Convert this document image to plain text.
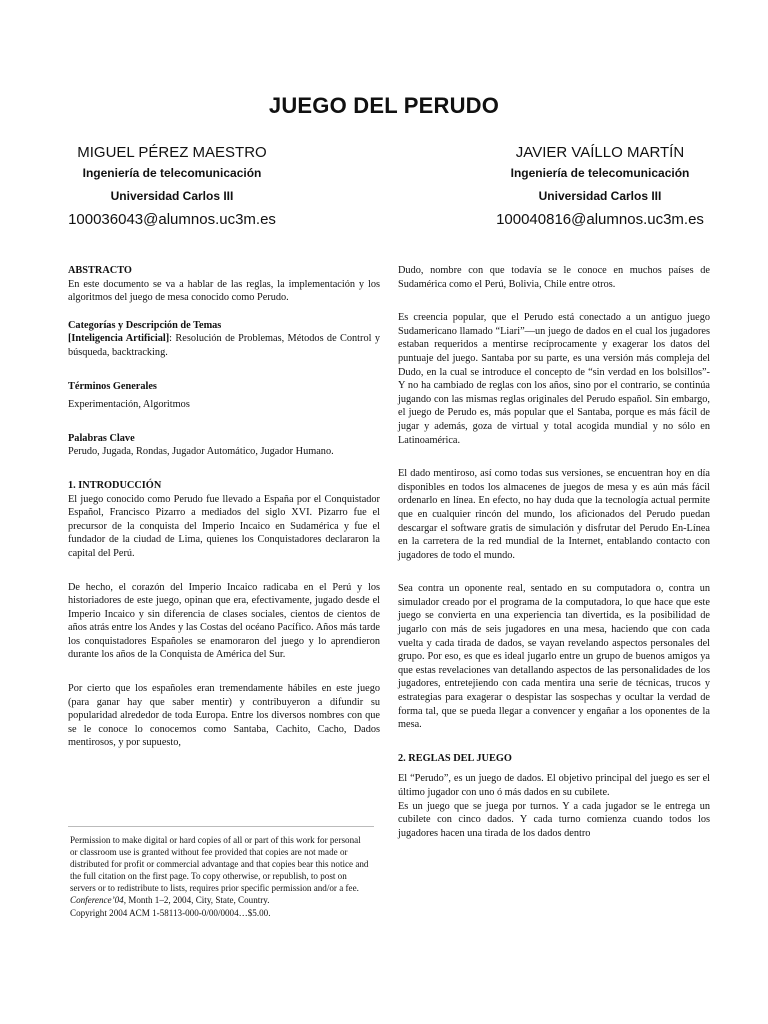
JUEGO DEL PERUDO
MIGUEL PÉREZ MAESTRO
Ingeniería de telecomunicación
Universidad Carlos III
100036043@alumnos.uc3m.es
JAVIER VAÍLLO MARTÍN
Ingeniería de telecomunicación
Universidad Carlos III
100040816@alumnos.uc3m.es
ABSTRACTO

En este documento se va a hablar de las reglas, la implementación y los algoritmos del juego de mesa conocido como Perudo.

Categorías y Descripción de Temas

[Inteligencia Artificial]: Resolución de Problemas, Métodos de Control y búsqueda, backtracking.

Términos Generales

Experimentación, Algoritmos

Palabras Clave

Perudo, Jugada, Rondas, Jugador Automático, Jugador Humano.

1. INTRODUCCIÓN

El juego conocido como Perudo fue llevado a España por el Conquistador Español, Francisco Pizarro a mediados del siglo XVI. Pizarro fue el precursor de la conquista del Imperio Incaico en Sudamérica y fue el fundador de la ciudad de Lima, quienes los Conquistadores declararon la capital del Perú.

De hecho, el corazón del Imperio Incaico radicaba en el Perú y los historiadores de este juego, opinan que era, efectivamente, jugado desde el Imperio Incaico y sin diferencia de clases sociales, cientos de cientos de años atrás entre los Andes y las Costas del océano Pacífico. Años más tarde los conquistadores Españoles se enamoraron del juego y lo aprendieron durante los años de la Conquista de América del Sur.

Por cierto que los españoles eran tremendamente hábiles en este juego (para ganar hay que saber mentir) y contribuyeron a difundir su popularidad alrededor de toda Europa. Entre los diversos nombres con que se le conoce lo conocemos como Santaba, Cachito, Cacho, Dados mentirosos, y por supuesto,

Permission to make digital or hard copies of all or part of this work for personal or classroom use is granted without fee provided that copies are not made or distributed for profit or commercial advantage and that copies bear this notice and the full citation on the first page. To copy otherwise, or republish, to post on servers or to redistribute to lists, requires prior specific permission and/or a fee.

Conference’04, Month 1–2, 2004, City, State, Country.

Copyright 2004 ACM 1-58113-000-0/00/0004…$5.00.

Dudo, nombre con que todavía se le conoce en muchos países de Sudamérica como el Perú, Bolivia, Chile entre otros.

Es creencia popular, que el Perudo está conectado a un antiguo juego Sudamericano llamado “Liari”—un juego de dados en el cual los jugadores estaban requeridos a mentirse recíprocamente y exagerar los datos del puntuaje del juego. Santaba por su parte, es una versión más compleja del Dudo, en la cual se introduce el concepto de “sin verdad en los bolsillos”- Y no ha cambiado de reglas con los años, sino por el contrario, se continúa jugando con las mismas reglas originales del Perudo español. Sin embargo, el juego de Perudo es, más popular que el Santaba, porque es más fácil de jugar y además, goza de virtual y total acogida mundial y no sólo en Latinoamérica.

El dado mentiroso, así como todas sus versiones, se encuentran hoy en día disponibles en todos los almacenes de juegos de mesa y es aún más fácil ordenarlo en línea. En efecto, no hay duda que la tecnología actual permite que en cualquier rincón del mundo, los aficionados del Perudo puedan descargar el software gratis de simulación y disfrutar del Perudo En-Línea en la carretera de la red mundial de la Internet, entablando contacto con jugadores de todo el mundo.

Sea contra un oponente real, sentado en su computadora o, contra un simulador creado por el programa de la computadora, lo que hace que este juego se convierta en una experiencia tan divertida, es la posibilidad de jugarlo con más de seis jugadores en una mesa, haciendo que con cada vuelta y cada tirada de dados, se vayan revelando aspectos personales del grupo. Por eso, es que es ideal jugarlo entre un grupo de buenos amigos ya que estas revelaciones van detallando aspectos de las personalidades de los jugadores, entretejiendo con cada mentira una serie de técnicas, trucos y estrategias para exagerar o despistar las sospechas y ocultar la verdad de forma tal, que se pueda llegar a convencer y engañar a los oponentes de la mesa.

2. REGLAS DEL JUEGO

El “Perudo”, es un juego de dados. El objetivo principal del juego es ser el último jugador con uno ó más dados en su cubilete.

Es un juego que se juega por turnos. Y a cada jugador se le entrega un cubilete con cinco dados. Y cada turno comienza cuando todos los jugadores hacen una tirada de los dados dentro
